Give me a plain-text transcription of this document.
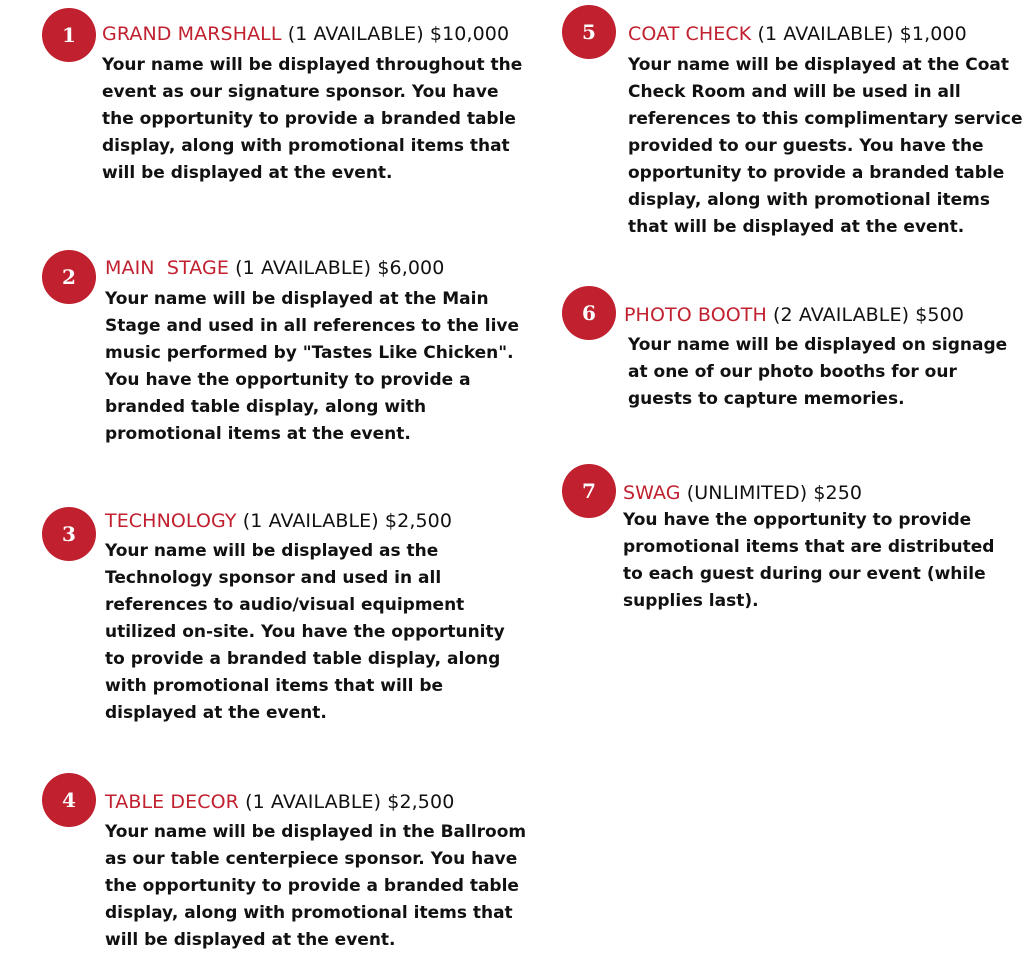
1	GRAND MARSHALL (1 AVAILABLE) $10,000

Your name will be displayed throughout the event as our signature sponsor. You have the opportunity to provide a branded table display, along with promotional items that will be displayed at the event.

2	MAIN  STAGE (1 AVAILABLE) $6,000

Your name will be displayed at the Main Stage and used in all references to the live music performed by "Tastes Like Chicken". You have the opportunity to provide a branded table display, along with promotional items at the event.

3
TECHNOLOGY (1 AVAILABLE) $2,500

Your name will be displayed as the Technology sponsor and used in all references to audio/visual equipment utilized on-site. You have the opportunity to provide a branded table display, along with promotional items that will be displayed at the event.

4	TABLE DECOR (1 AVAILABLE) $2,500

Your name will be displayed in the Ballroom as our table centerpiece sponsor. You have the opportunity to provide a branded table display, along with promotional items that will be displayed at the event.

5	COAT CHECK (1 AVAILABLE) $1,000

Your name will be displayed at the Coat Check Room and will be used in all references to this complimentary service provided to our guests. You have the opportunity to provide a branded table display, along with promotional items that will be displayed at the event.

6	PHOTO BOOTH (2 AVAILABLE) $500

Your name will be displayed on signage at one of our photo booths for our guests to capture memories.

7	SWAG (UNLIMITED) $250

You have the opportunity to provide promotional items that are distributed to each guest during our event (while supplies last).
